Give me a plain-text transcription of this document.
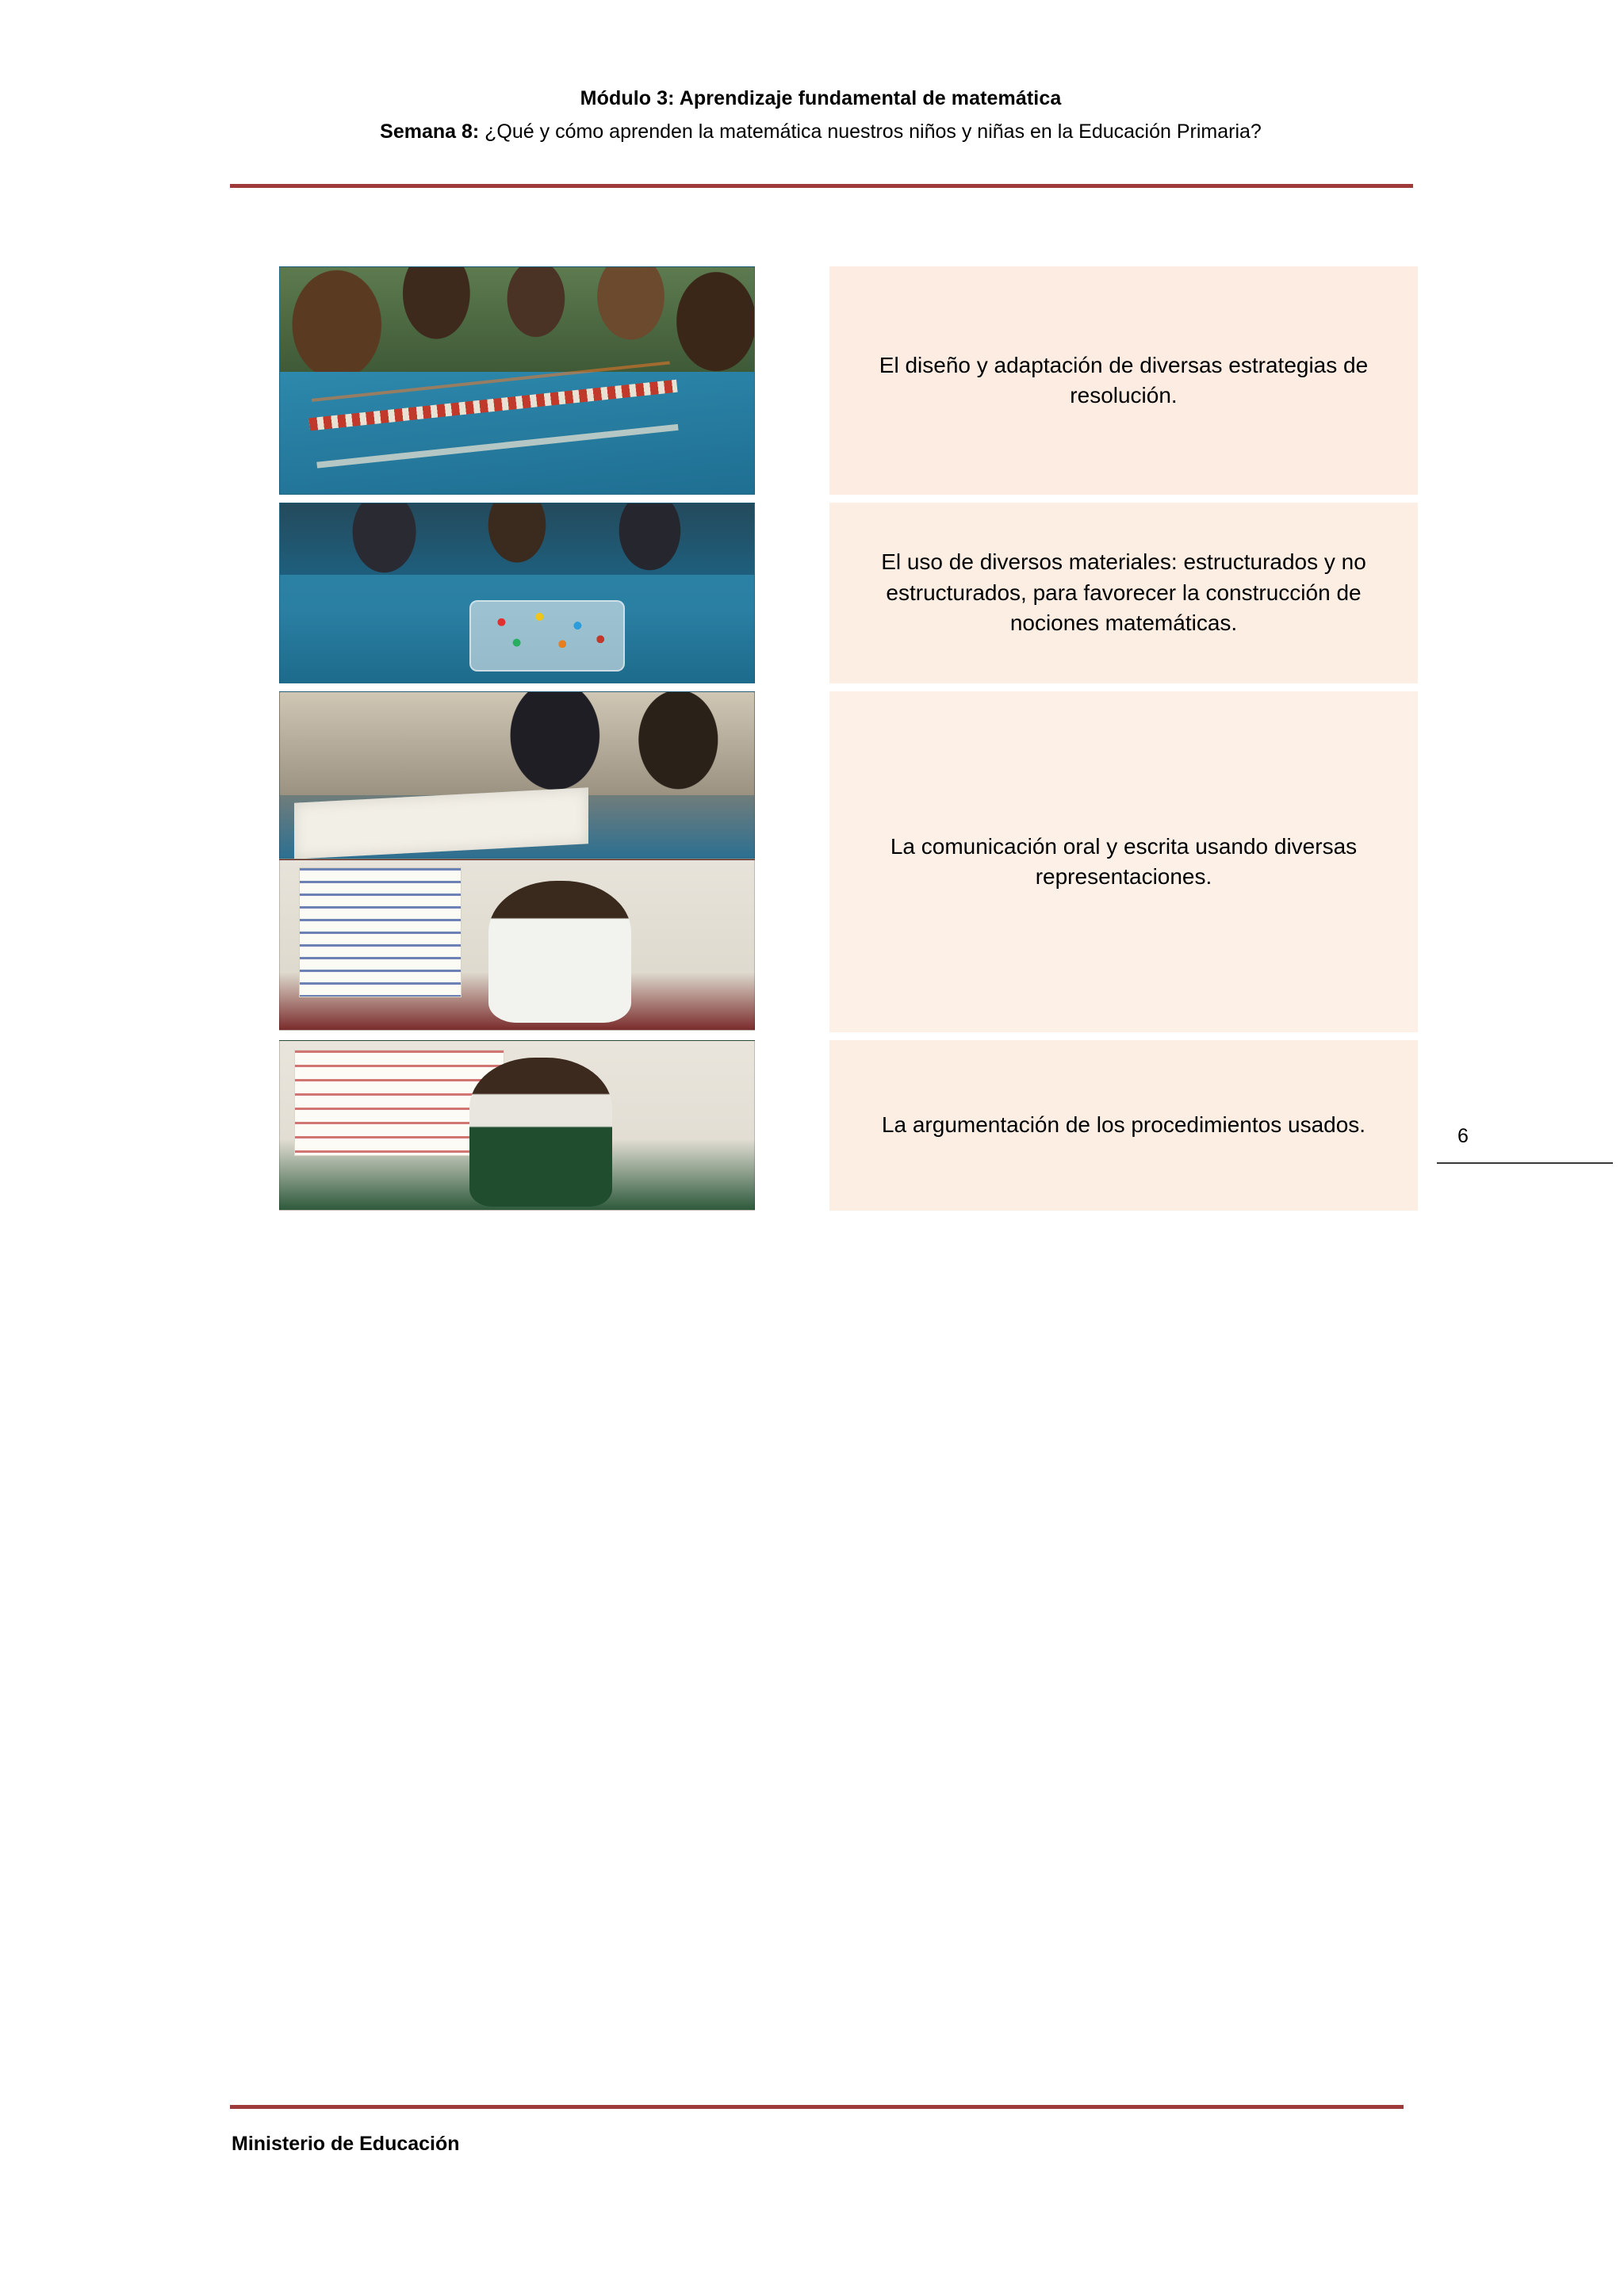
Módulo 3: Aprendizaje fundamental de matemática
Semana 8: ¿Qué y cómo aprenden la matemática nuestros niños y niñas en la Educación Primaria?
6
El diseño y adaptación de diversas estrategias de resolución.
El uso de diversos materiales: estructurados y no estructurados, para favorecer la construcción de nociones matemáticas.
La comunicación oral y escrita usando diversas representaciones.
La argumentación de los procedimientos usados.
Ministerio de Educación
